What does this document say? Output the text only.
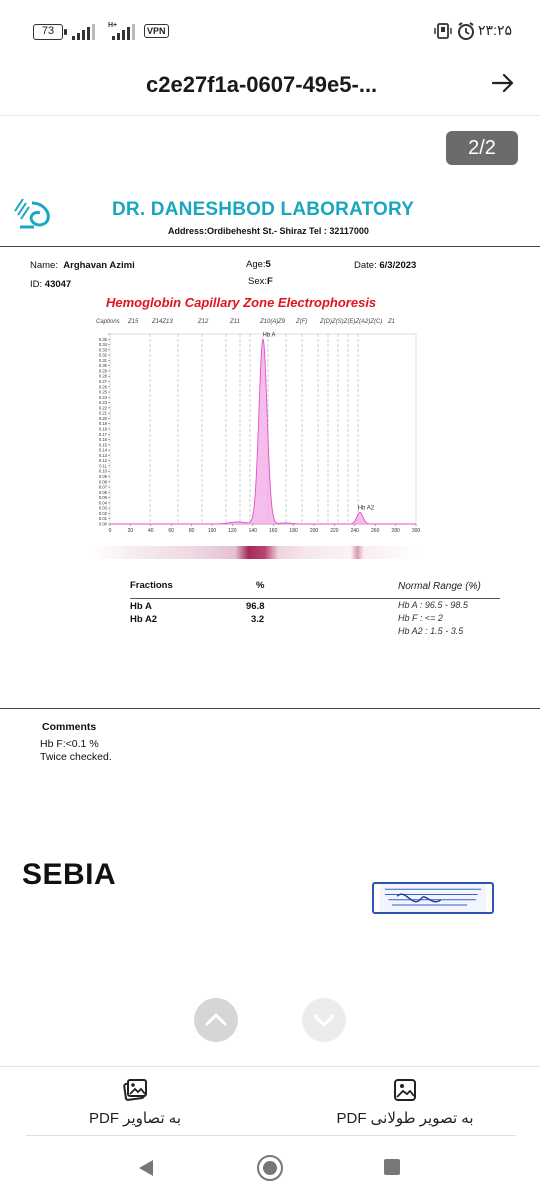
73	H+
VPN	۲۳:۲۵
c2e27f1a-0607-49e5-...
2/2
DR. DANESHBOD LABORATORY
Address:Ordibehesht St.- Shiraz Tel : 32117000
Name: Arghavan Azimi
ID: 43047
Age:5
Sex:F
Date: 6/3/2023
Hemoglobin Capillary Zone Electrophoresis
Captions Z15 Z14Z13	Z12	Z11	Z10(A) Z9 Z(F) Z(D)Z(S)Z(E)Z(A2)Z(C) Z1
0.35
0.34
0.33
0.32
0.31
0.30
0.29
0.28
0.27
0.26
0.25
0.24
0.23
0.22
0.21
0.20
0.19
0.18
0.17
0.16
0.15
0.14
0.13
0.12
0.11
0.10
0.09
0.08
0.07
0.06
0.05
0.04
0.03
0.02
0.01
0.00
0	20	40	60	80	100 120 140 160 180 200 220 240 260 280 300
Hb A
Hb A2
Fractions	%	Normal Range (%)
Hb A	96.8
Hb A2	3.2
Hb A : 96.5 - 98.5
Hb F : <= 2
Hb A2 : 1.5 - 3.5
Comments
Hb F:<0.1 %
Twice checked.
SEBIA
به تصاویر PDF	به تصویر طولانی PDF
